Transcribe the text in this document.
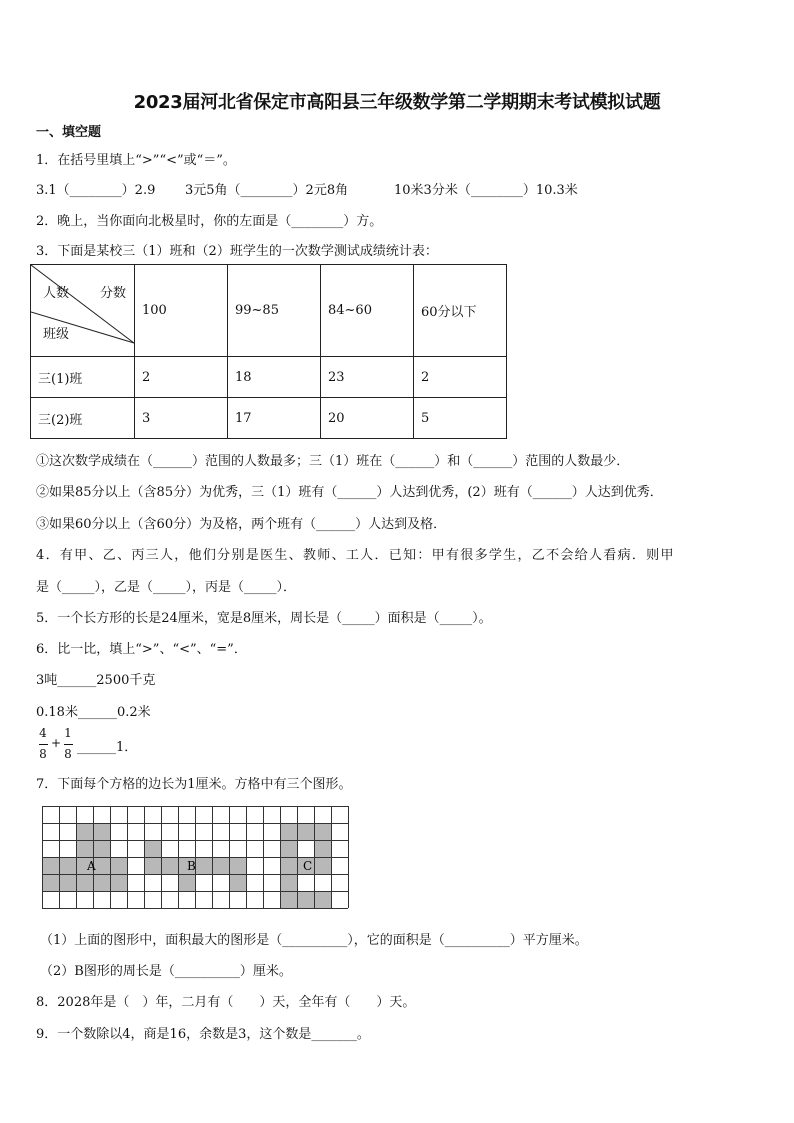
2023届河北省保定市高阳县三年级数学第二学期期末考试模拟试题
一、填空题
1．在括号里填上“>”“<”或“＝”。
3.1（________）2.9 3元5角（________）2元8角	10米3分米（________）10.3米
2．晚上，当你面向北极星时，你的左面是（________）方。
3．下面是某校三（1）班和（2）班学生的一次数学测试成绩统计表：
人数 分数
班级	100	99~85	84~60	60分以下
三(1)班	2	18	23	2
三(2)班	3	17	20	5
①这次数学成绩在（______）范围的人数最多；三（1）班在（______）和（______）范围的人数最少．
②如果85分以上（含85分）为优秀，三（1）班有（______）人达到优秀，(2）班有（______）人达到优秀．
③如果60分以上（含60分）为及格，两个班有（______）人达到及格．
4．有甲、乙、丙三人，他们分别是医生、教师、工人．已知：甲有很多学生，乙不会给人看病．则甲
是（_____），乙是（_____），丙是（_____）．
5．一个长方形的长是24厘米，宽是8厘米，周长是（_____）面积是（_____）。
6．比一比，填上“>”、“<”、“=”．
3吨______2500千克
0.18米______0.2米
4
8
+
1
8 ______1．
7．下面每个方格的边长为1厘米。方格中有三个图形。
A	B	C
（1）上面的图形中，面积最大的图形是（__________），它的面积是（__________）平方厘米。
（2）B图形的周长是（__________）厘米。
8．2028年是（　）年，二月有（　　）天，全年有（　　）天。
9．一个数除以4，商是16，余数是3，这个数是_______。
